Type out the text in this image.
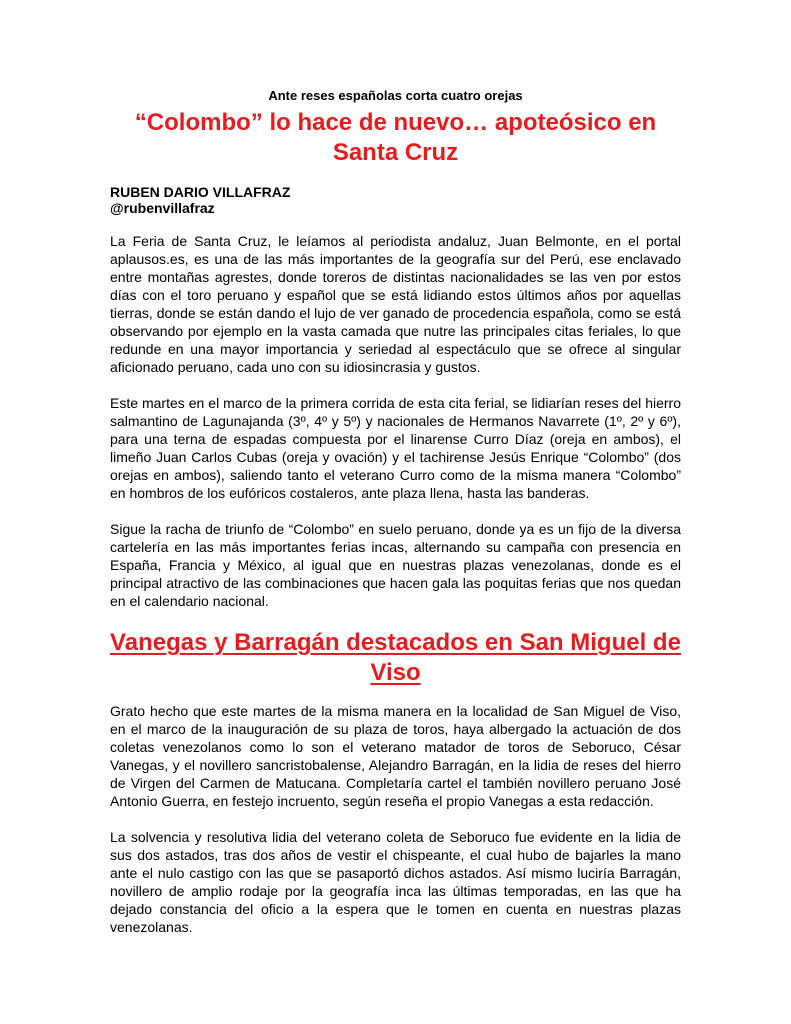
Ante reses españolas corta cuatro orejas
“Colombo” lo hace de nuevo… apoteósico en Santa Cruz
RUBEN DARIO VILLAFRAZ
@rubenvillafraz

La Feria de Santa Cruz, le leíamos al periodista andaluz, Juan Belmonte, en el portal aplausos.es, es una de las más importantes de la geografía sur del Perú, ese enclavado entre montañas agrestes, donde toreros de distintas nacionalidades se las ven por estos días con el toro peruano y español que se está lidiando estos últimos años por aquellas tierras, donde se están dando el lujo de ver ganado de procedencia española, como se está observando por ejemplo en la vasta camada que nutre las principales citas feriales, lo que redunde en una mayor importancia y seriedad al espectáculo que se ofrece al singular aficionado peruano, cada uno con su idiosincrasia y gustos.

Este martes en el marco de la primera corrida de esta cita ferial, se lidiarían reses del hierro salmantino de Lagunajanda (3º, 4º y 5º) y nacionales de Hermanos Navarrete (1º, 2º y 6º), para una terna de espadas compuesta por el linarense Curro Díaz (oreja en ambos), el limeño Juan Carlos Cubas (oreja y ovación) y el tachirense Jesús Enrique “Colombo” (dos orejas en ambos), saliendo tanto el veterano Curro como de la misma manera “Colombo” en hombros de los eufóricos costaleros, ante plaza llena, hasta las banderas.

Sigue la racha de triunfo de “Colombo” en suelo peruano, donde ya es un fijo de la diversa cartelería en las más importantes ferias incas, alternando su campaña con presencia en España, Francia y México, al igual que en nuestras plazas venezolanas, donde es el principal atractivo de las combinaciones que hacen gala las poquitas ferias que nos quedan en el calendario nacional.

Vanegas y Barragán destacados en San Miguel de Viso

Grato hecho que este martes de la misma manera en la localidad de San Miguel de Viso, en el marco de la inauguración de su plaza de toros, haya albergado la actuación de dos coletas venezolanos como lo son el veterano matador de toros de Seboruco, César Vanegas, y el novillero sancristobalense, Alejandro Barragán, en la lidia de reses del hierro de Virgen del Carmen de Matucana. Completaría cartel el también novillero peruano José Antonio Guerra, en festejo incruento, según reseña el propio Vanegas a esta redacción.

La solvencia y resolutiva lidia del veterano coleta de Seboruco fue evidente en la lidia de sus dos astados, tras dos años de vestir el chispeante, el cual hubo de bajarles la mano ante el nulo castigo con las que se pasaportó dichos astados. Así mismo luciría Barragán, novillero de amplio rodaje por la geografía inca las últimas temporadas, en las que ha dejado constancia del oficio a la espera que le tomen en cuenta en nuestras plazas venezolanas.
